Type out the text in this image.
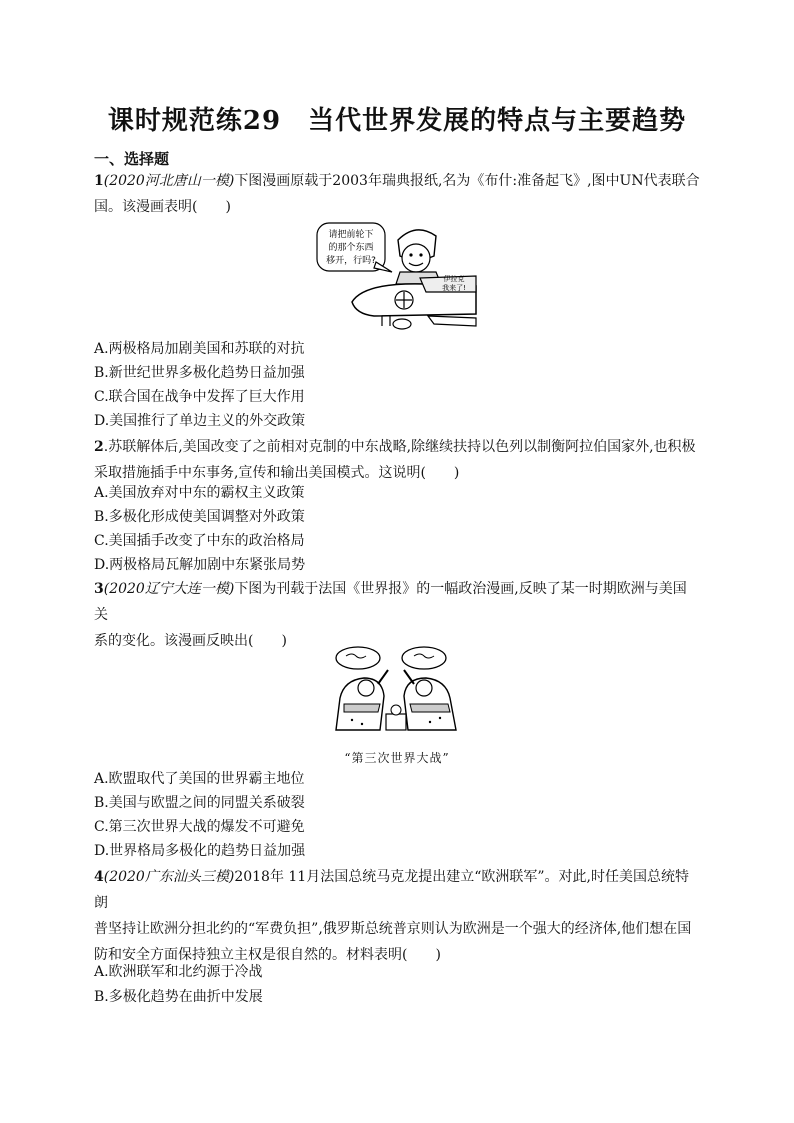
课时规范练29　当代世界发展的特点与主要趋势
一、选择题
1(2020河北唐山一模)下图漫画原载于2003年瑞典报纸,名为《布什:准备起飞》,图中UN代表联合
国。该漫画表明(　　)
请把前轮下
的那个东西
移开，行吗?
伊拉克
我来了!
A.两极格局加剧美国和苏联的对抗
B.新世纪世界多极化趋势日益加强
C.联合国在战争中发挥了巨大作用
D.美国推行了单边主义的外交政策
2.苏联解体后,美国改变了之前相对克制的中东战略,除继续扶持以色列以制衡阿拉伯国家外,也积极
采取措施插手中东事务,宣传和输出美国模式。这说明(　　)
A.美国放弃对中东的霸权主义政策
B.多极化形成使美国调整对外政策
C.美国插手改变了中东的政治格局
D.两极格局瓦解加剧中东紧张局势
3(2020辽宁大连一模)下图为刊载于法国《世界报》的一幅政治漫画,反映了某一时期欧洲与美国关
系的变化。该漫画反映出(　　)
“第三次世界大战”
A.欧盟取代了美国的世界霸主地位
B.美国与欧盟之间的同盟关系破裂
C.第三次世界大战的爆发不可避免
D.世界格局多极化的趋势日益加强
4(2020广东汕头三模)2018年 11月法国总统马克龙提出建立“欧洲联军”。对此,时任美国总统特朗
普坚持让欧洲分担北约的“军费负担”,俄罗斯总统普京则认为欧洲是一个强大的经济体,他们想在国
防和安全方面保持独立主权是很自然的。材料表明(　　)
A.欧洲联军和北约源于冷战
B.多极化趋势在曲折中发展
